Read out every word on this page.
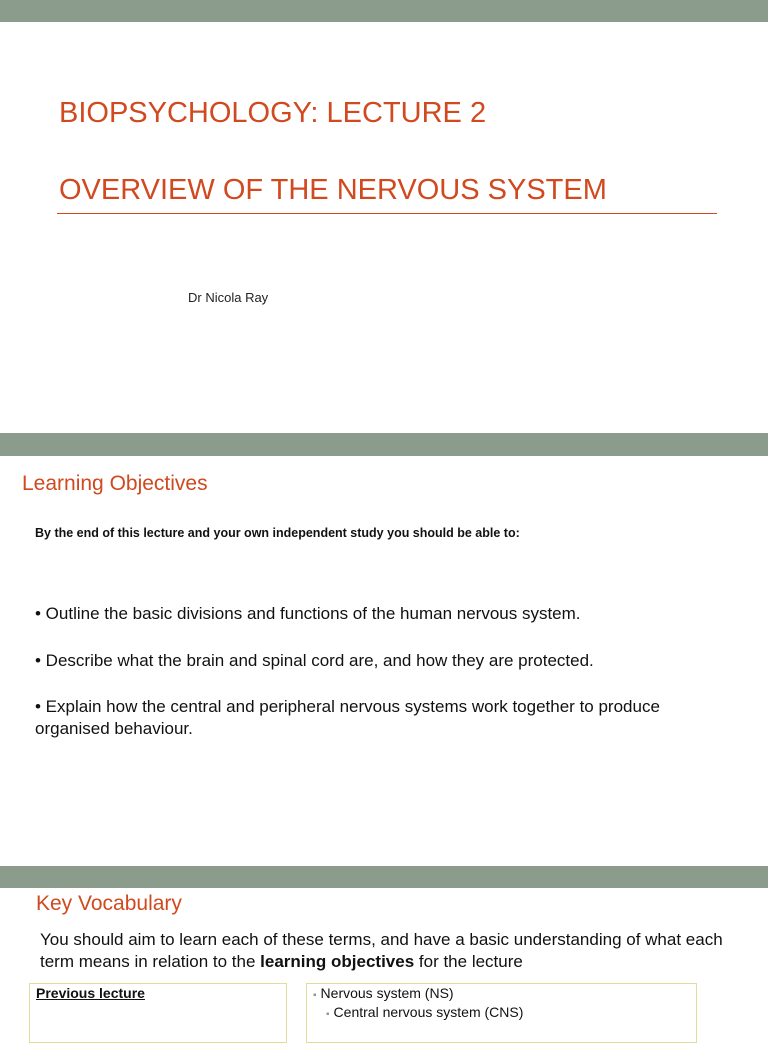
BIOPSYCHOLOGY: LECTURE 2
OVERVIEW OF THE NERVOUS SYSTEM
Dr Nicola Ray
Learning Objectives
By the end of this lecture and your own independent study you should be able to:
• Outline the basic divisions and functions of the human nervous system.
• Describe what the brain and spinal cord are, and how they are protected.
• Explain how the central and peripheral nervous systems work together to produce organised behaviour.
Key Vocabulary
You should aim to learn each of these terms, and have a basic understanding of what each term means in relation to the learning objectives for the lecture
Previous lecture	▪ Nervous system (NS)
▪ Central nervous system (CNS)
